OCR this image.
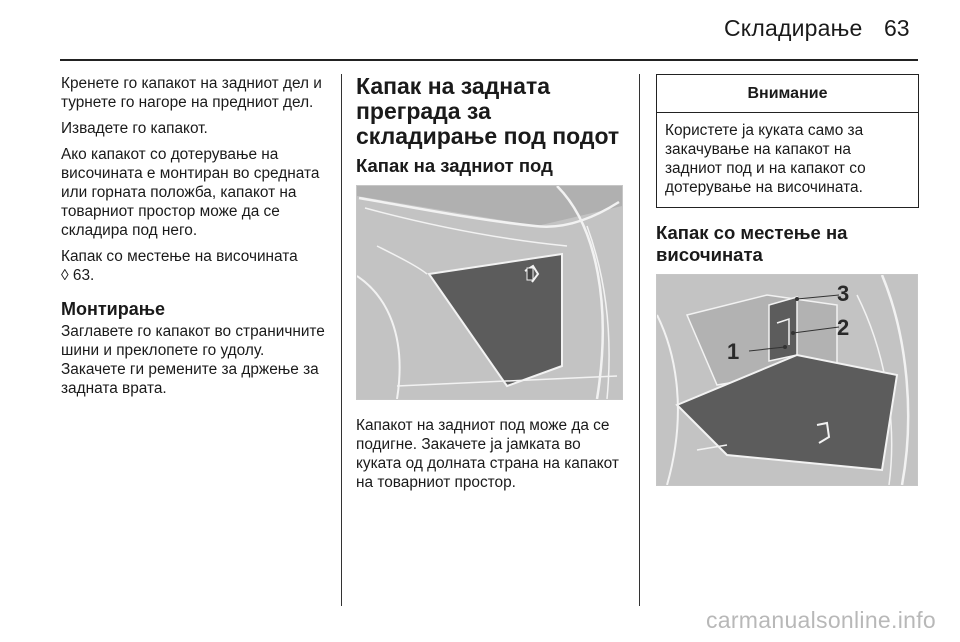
Складирање 63

Кренете го капакот на задниот дел и турнете го нагоре на предниот дел.

Извадете го капакот.

Ако капакот со дотерување на височината е монтиран во средната или горната положба, капакот на товарниот простор може да се складира под него.

Капак со местење на височината
◊ 63.

Монтирање

Заглавете го капакот во страничните шини и преклопете го удолу. Закачете ги ремените за држење за задната врата.

Капак на задната преграда за складирање под подот
Капак на задниот под

Капакот на задниот под може да се подигне. Закачете ја јамката во куката од долната страна на капакот на товарниот простор.

Внимание
Користете ја куката само за закачување на капакот на задниот под и на капакот со дотерување на височината.
Капак со местење на височината
3
2
1
carmanualsonline.info
